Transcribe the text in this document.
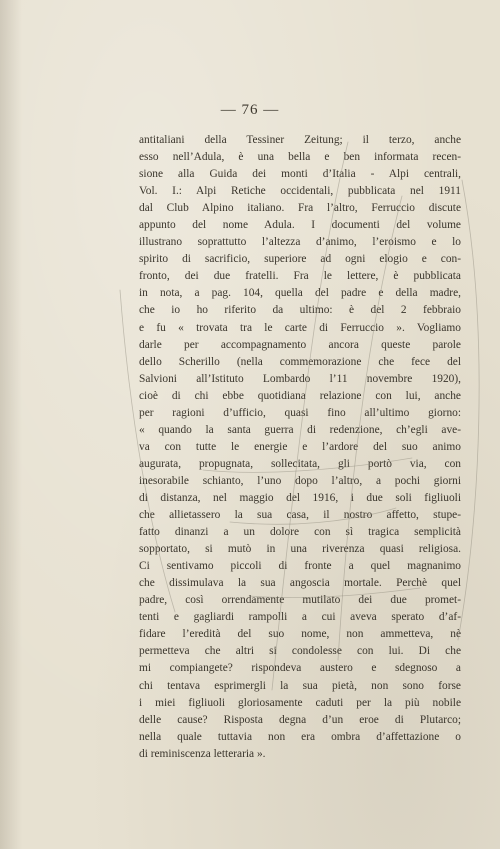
— 76 —
antitaliani della Tessiner Zeitung; il terzo, anche
esso nell’Adula, è una bella e ben informata recen-
sione alla Guida dei monti d’Italia - Alpi centrali,
Vol. I.: Alpi Retiche occidentali, pubblicata nel 1911
dal Club Alpino italiano. Fra l’altro, Ferruccio discute
appunto del nome Adula. I documenti del volume
illustrano soprattutto l’altezza d’animo, l’eroismo e lo
spirito di sacrificio, superiore ad ogni elogio e con-
fronto, dei due fratelli. Fra le lettere, è pubblicata
in nota, a pag. 104, quella del padre e della madre,
che io ho riferito da ultimo: è del 2 febbraio
e fu « trovata tra le carte di Ferruccio ». Vogliamo
darle per accompagnamento ancora queste parole
dello Scherillo (nella commemorazione che fece del
Salvioni all’Istituto Lombardo l’11 novembre 1920),
cioè di chi ebbe quotidiana relazione con lui, anche
per ragioni d’ufficio, quasi fino all’ultimo giorno:
« quando la santa guerra di redenzione, ch’egli ave-
va con tutte le energie e l’ardore del suo animo
augurata, propugnata, sollecitata, gli portò via, con
inesorabile schianto, l’uno dopo l’altro, a pochi giorni
di distanza, nel maggio del 1916, i due soli figliuoli
che allietassero la sua casa, il nostro affetto, stupe-
fatto dinanzi a un dolore con sì tragica semplicità
sopportato, si mutò in una riverenza quasi religiosa.
Ci sentivamo piccoli di fronte a quel magnanimo
che dissimulava la sua angoscia mortale. Perchè quel
padre, così orrendamente mutilato dei due promet-
tenti e gagliardi rampolli a cui aveva sperato d’af-
fidare l’eredità del suo nome, non ammetteva, nè
permetteva che altri si condolesse con lui. Di che
mi compiangete? rispondeva austero e sdegnoso a
chi tentava esprimergli la sua pietà, non sono forse
i miei figliuoli gloriosamente caduti per la più nobile
delle cause? Risposta degna d’un eroe di Plutarco;
nella quale tuttavia non era ombra d’affettazione o
di reminiscenza letteraria ».
